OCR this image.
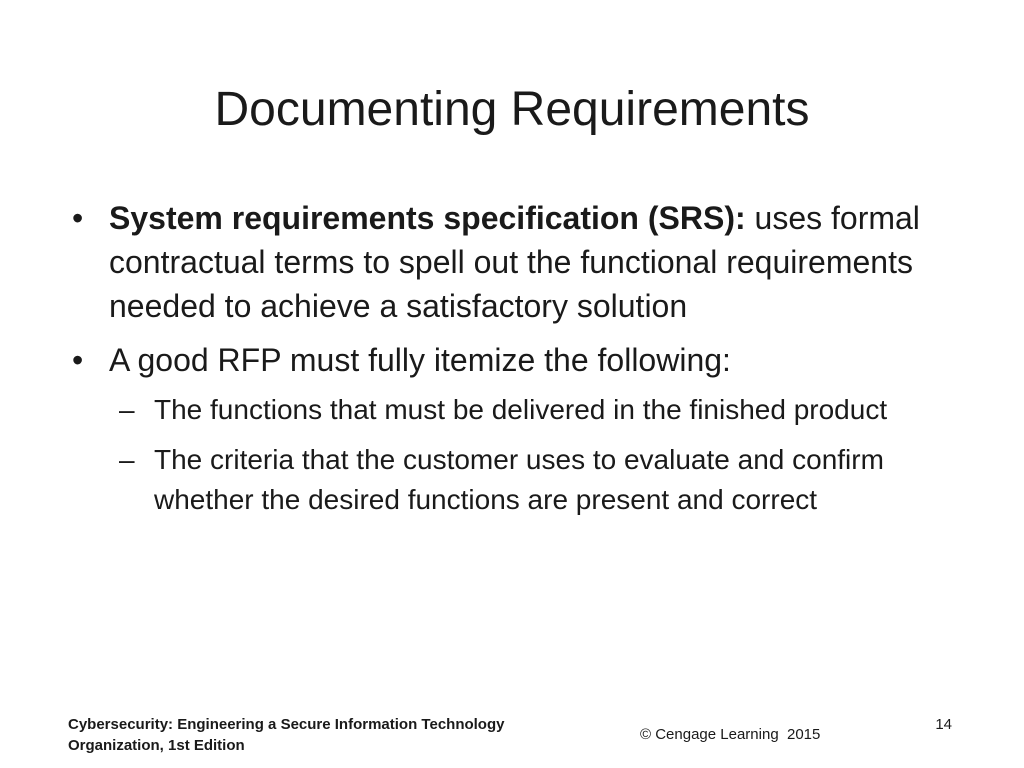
Documenting Requirements
• System requirements specification (SRS): uses formal contractual terms to spell out the functional requirements needed to achieve a satisfactory solution
• A good RFP must fully itemize the following:
– The functions that must be delivered in the finished product
– The criteria that the customer uses to evaluate and confirm whether the desired functions are present and correct
Cybersecurity: Engineering a Secure Information Technology Organization, 1st Edition
© Cengage Learning  2015
14
